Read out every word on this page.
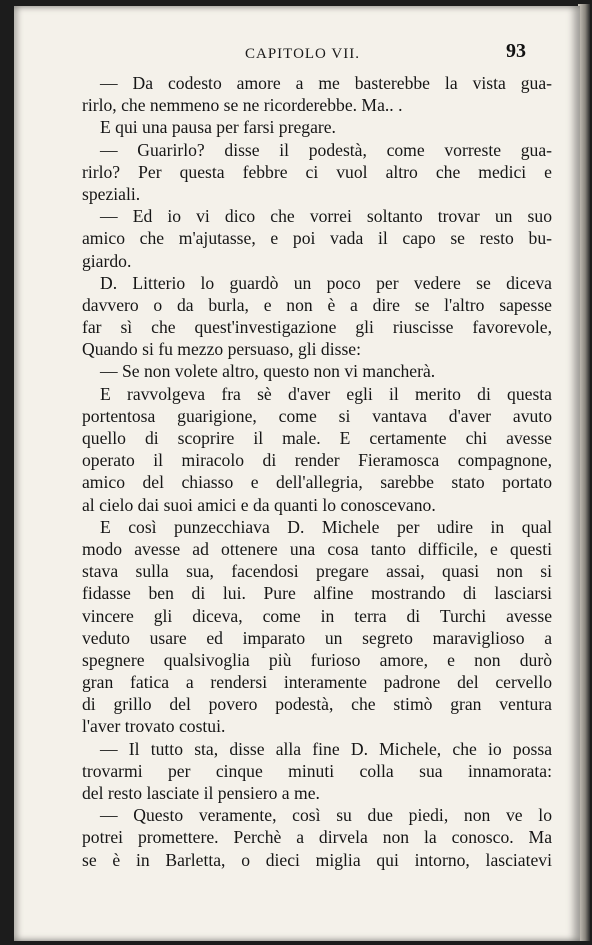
CAPITOLO VII.	93
— Da codesto amore a me basterebbe la vista gua-
rirlo, che nemmeno se ne ricorderebbe. Ma.. .
E qui una pausa per farsi pregare.
— Guarirlo? disse il podestà, come vorreste gua-
rirlo? Per questa febbre ci vuol altro che medici e
speziali.
— Ed io vi dico che vorrei soltanto trovar un suo
amico che m'ajutasse, e poi vada il capo se resto bu-
giardo.
D. Litterio lo guardò un poco per vedere se diceva
davvero o da burla, e non è a dire se l'altro sapesse
far sì che quest'investigazione gli riuscisse favorevole,
Quando si fu mezzo persuaso, gli disse:
— Se non volete altro, questo non vi mancherà.
E ravvolgeva fra sè d'aver egli il merito di questa
portentosa guarigione, come si vantava d'aver avuto
quello di scoprire il male. E certamente chi avesse
operato il miracolo di render Fieramosca compagnone,
amico del chiasso e dell'allegria, sarebbe stato portato
al cielo dai suoi amici e da quanti lo conoscevano.
E così punzecchiava D. Michele per udire in qual
modo avesse ad ottenere una cosa tanto difficile, e questi
stava sulla sua, facendosi pregare assai, quasi non si
fidasse ben di lui. Pure alfine mostrando di lasciarsi
vincere gli diceva, come in terra di Turchi avesse
veduto usare ed imparato un segreto maraviglioso a
spegnere qualsivoglia più furioso amore, e non durò
gran fatica a rendersi interamente padrone del cervello
di grillo del povero podestà, che stimò gran ventura
l'aver trovato costui.
— Il tutto sta, disse alla fine D. Michele, che io possa
trovarmi per cinque minuti colla sua innamorata:
del resto lasciate il pensiero a me.
— Questo veramente, così su due piedi, non ve lo
potrei promettere. Perchè a dirvela non la conosco. Ma
se è in Barletta, o dieci miglia qui intorno, lasciatevi
